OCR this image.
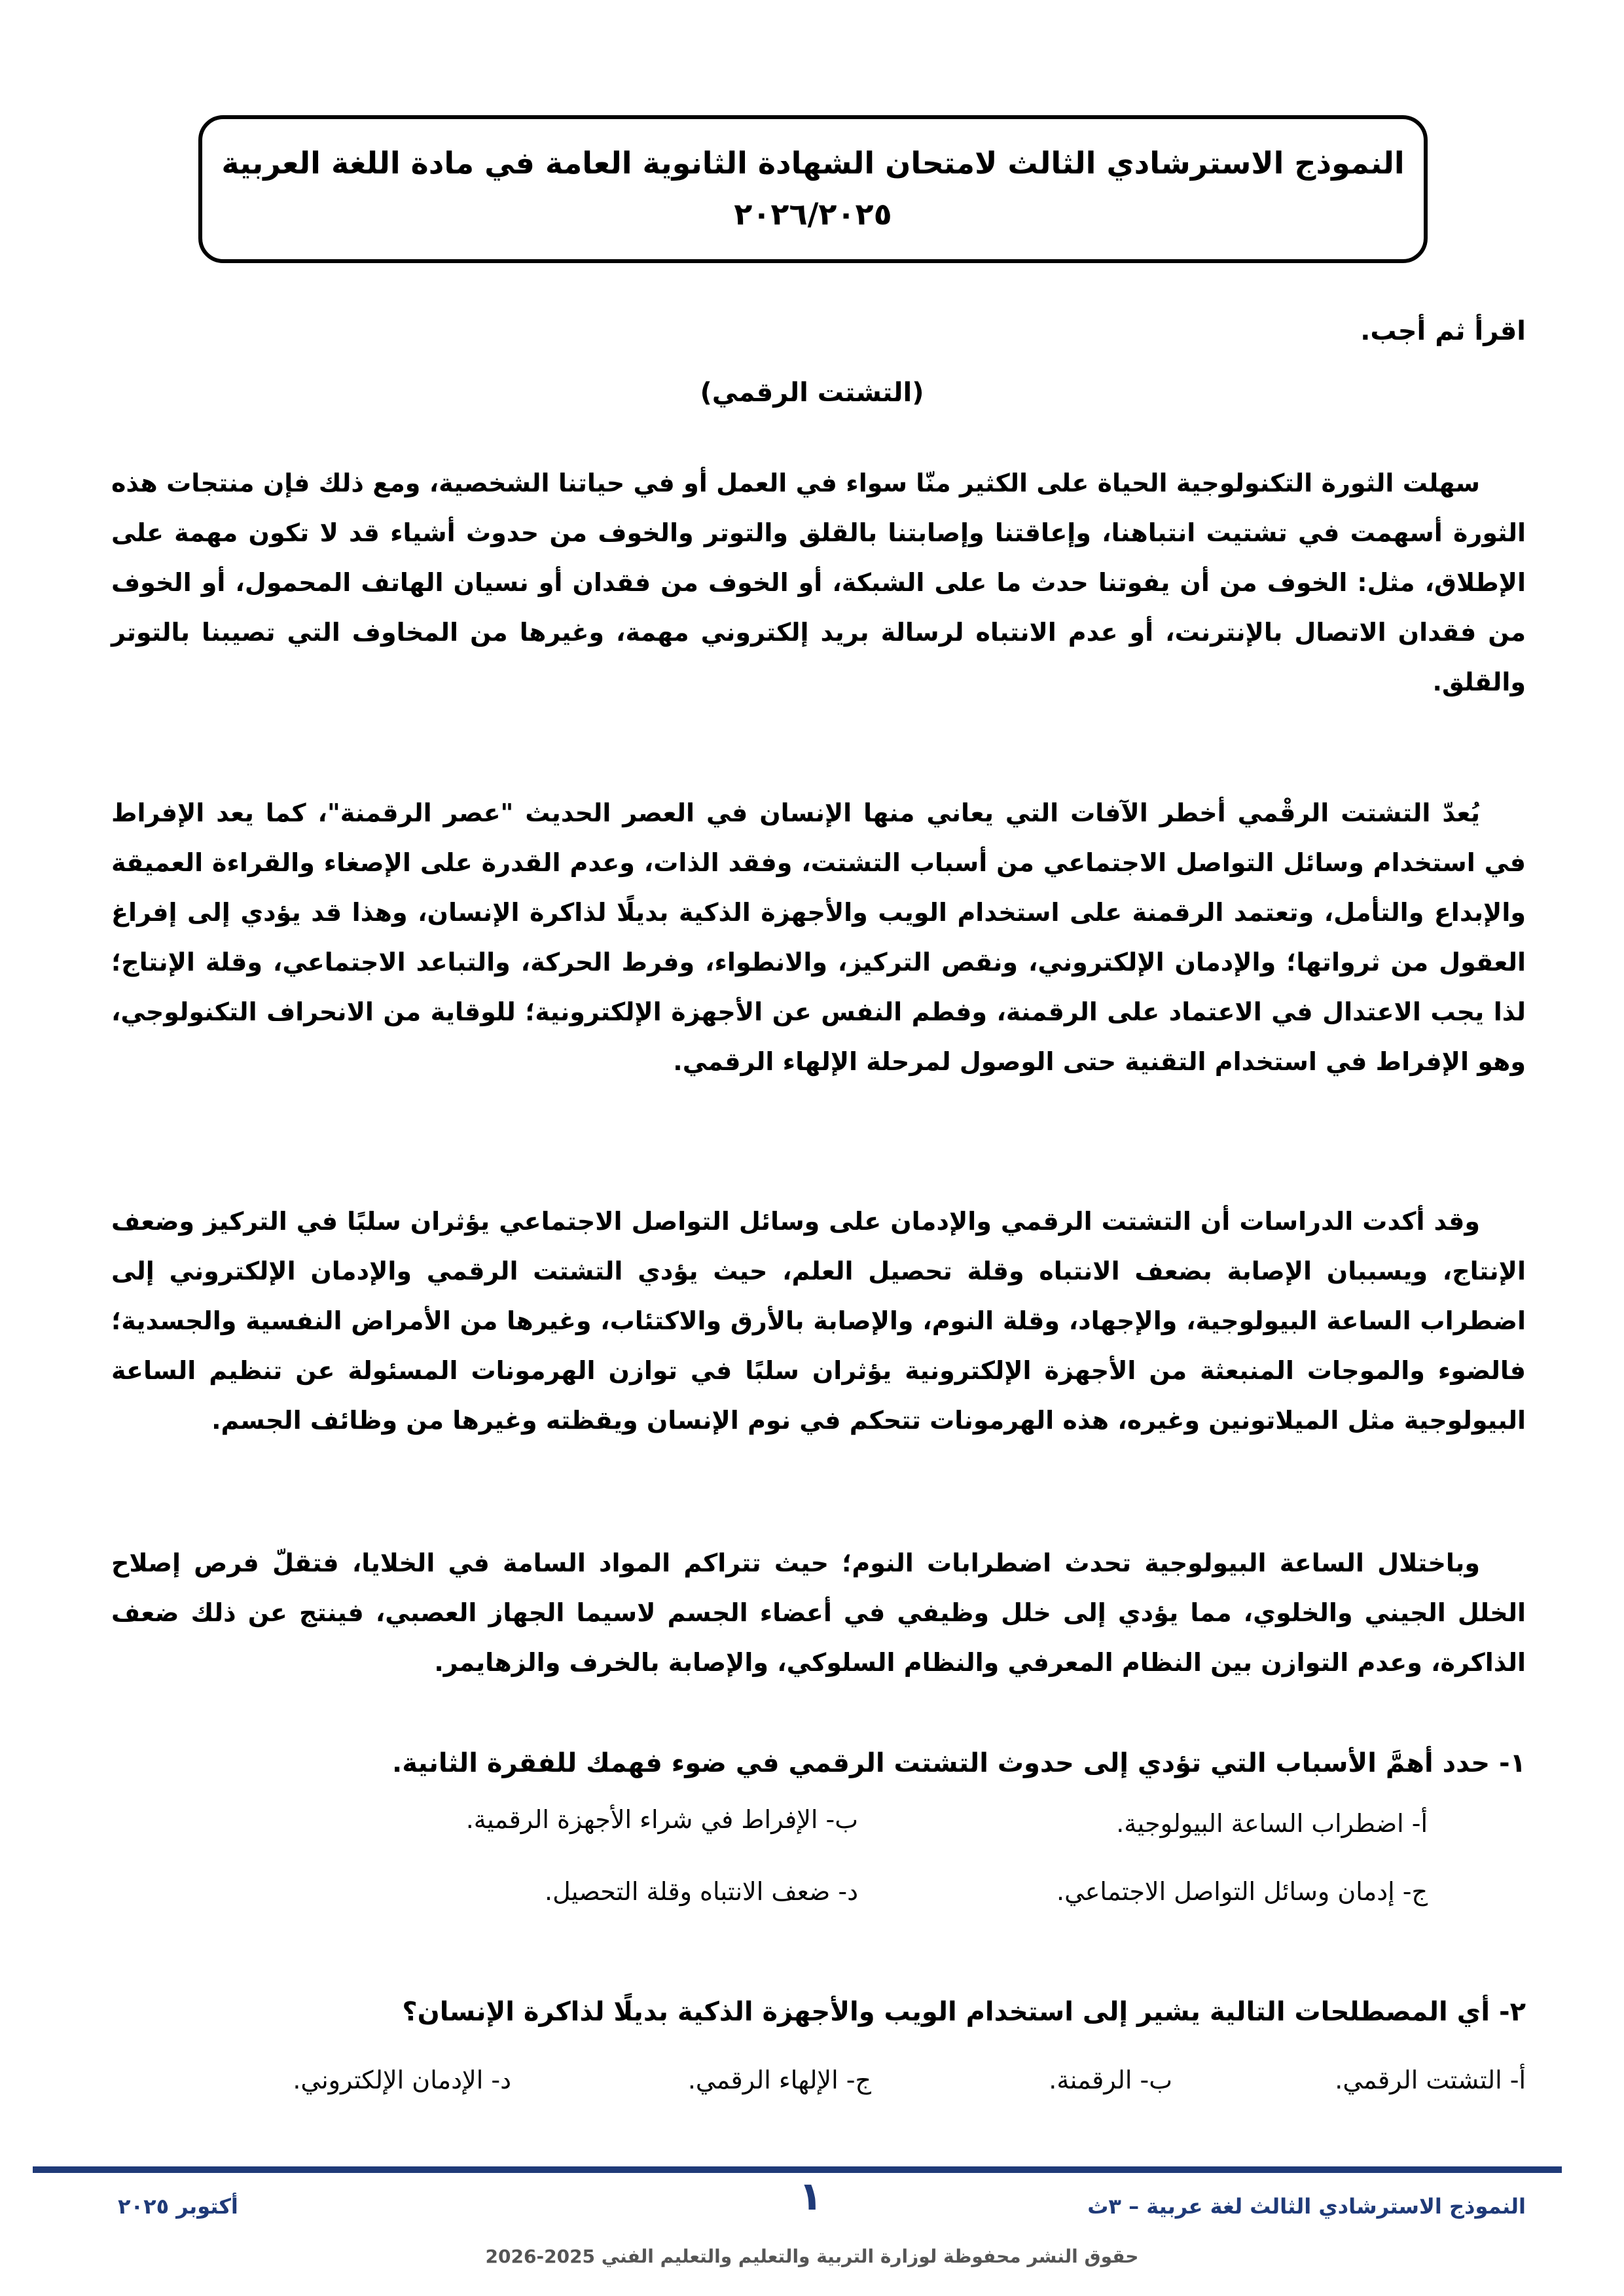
النموذج الاسترشادي الثالث لامتحان الشهادة الثانوية العامة في مادة اللغة العربية
٢٠٢٦/٢٠٢٥
اقرأ ثم أجب.
(التشتت الرقمي)

سهلت الثورة التكنولوجية الحياة على الكثير منّا سواء في العمل أو في حياتنا الشخصية، ومع ذلك فإن منتجات هذه الثورة أسهمت في تشتيت انتباهنا، وإعاقتنا وإصابتنا بالقلق والتوتر والخوف من حدوث أشياء قد لا تكون مهمة على الإطلاق، مثل: الخوف من أن يفوتنا حدث ما على الشبكة، أو الخوف من فقدان أو نسيان الهاتف المحمول، أو الخوف من فقدان الاتصال بالإنترنت، أو عدم الانتباه لرسالة بريد إلكتروني مهمة، وغيرها من المخاوف التي تصيبنا بالتوتر والقلق.

يُعدّ التشتت الرقْمي أخطر الآفات التي يعاني منها الإنسان في العصر الحديث "عصر الرقمنة"، كما يعد الإفراط في استخدام وسائل التواصل الاجتماعي من أسباب التشتت، وفقد الذات، وعدم القدرة على الإصغاء والقراءة العميقة والإبداع والتأمل، وتعتمد الرقمنة على استخدام الويب والأجهزة الذكية بديلًا لذاكرة الإنسان، وهذا قد يؤدي إلى إفراغ العقول من ثرواتها؛ والإدمان الإلكتروني، ونقص التركيز، والانطواء، وفرط الحركة، والتباعد الاجتماعي، وقلة الإنتاج؛ لذا يجب الاعتدال في الاعتماد على الرقمنة، وفطم النفس عن الأجهزة الإلكترونية؛ للوقاية من الانحراف التكنولوجي، وهو الإفراط في استخدام التقنية حتى الوصول لمرحلة الإلهاء الرقمي.

وقد أكدت الدراسات أن التشتت الرقمي والإدمان على وسائل التواصل الاجتماعي يؤثران سلبًا في التركيز وضعف الإنتاج، ويسببان الإصابة بضعف الانتباه وقلة تحصيل العلم، حيث يؤدي التشتت الرقمي والإدمان الإلكتروني إلى اضطراب الساعة البيولوجية، والإجهاد، وقلة النوم، والإصابة بالأرق والاكتئاب، وغيرها من الأمراض النفسية والجسدية؛ فالضوء والموجات المنبعثة من الأجهزة الإلكترونية يؤثران سلبًا في توازن الهرمونات المسئولة عن تنظيم الساعة البيولوجية مثل الميلاتونين وغيره، هذه الهرمونات تتحكم في نوم الإنسان ويقظته وغيرها من وظائف الجسم.

وباختلال الساعة البيولوجية تحدث اضطرابات النوم؛ حيث تتراكم المواد السامة في الخلايا، فتقلّ فرص إصلاح الخلل الجيني والخلوي، مما يؤدي إلى خلل وظيفي في أعضاء الجسم لاسيما الجهاز العصبي، فينتج عن ذلك ضعف الذاكرة، وعدم التوازن بين النظام المعرفي والنظام السلوكي، والإصابة بالخرف والزهايمر.

١- حدد أهمَّ الأسباب التي تؤدي إلى حدوث التشتت الرقمي في ضوء فهمك للفقرة الثانية.
أ- اضطراب الساعة البيولوجية.
ب- الإفراط في شراء الأجهزة الرقمية.
ج- إدمان وسائل التواصل الاجتماعي.
د- ضعف الانتباه وقلة التحصيل.
٢- أي المصطلحات التالية يشير إلى استخدام الويب والأجهزة الذكية بديلًا لذاكرة الإنسان؟
أ- التشتت الرقمي.
ب- الرقمنة.
ج- الإلهاء الرقمي.
د- الإدمان الإلكتروني.
النموذج الاسترشادي الثالث لغة عربية – ٣ث
١
أكتوبر ٢٠٢٥
حقوق النشر محفوظة لوزارة التربية والتعليم والتعليم الفني 2025-2026
